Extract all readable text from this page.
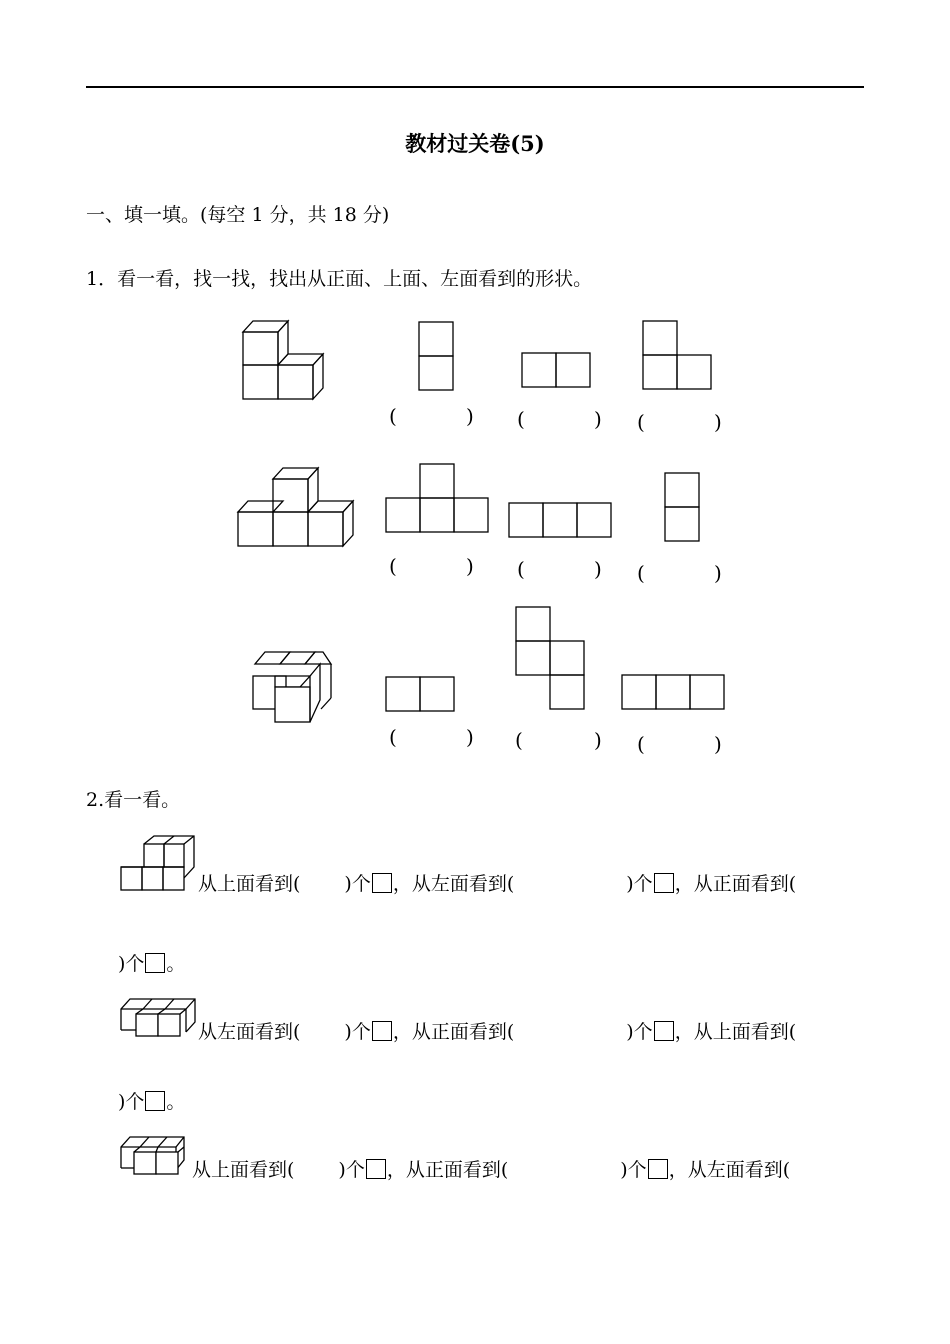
教材过关卷(5)
一、填一填。(每空 1 分，共 18 分)
1．看一看，找一找，找出从正面、上面、左面看到的形状。
(	) (	) (	)
(	) (	) (	)
(	) (	) (	)
2.看一看。
从上面看到( )个 ，从左面看到(	)个 ，从正面看到(
)个 。
从左面看到( )个 ，从正面看到(	)个 ，从上面看到(
)个 。
从上面看到( )个 ，从正面看到(	)个 ，从左面看到(
